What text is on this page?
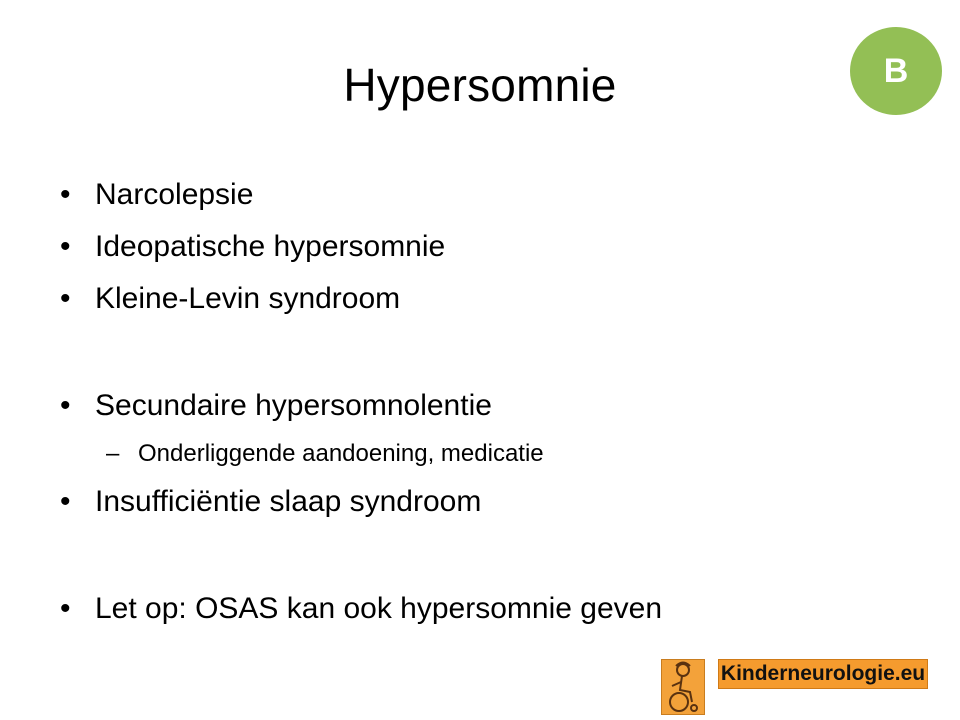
Hypersomnie	B
• Narcolepsie
• Ideopatische hypersomnie
• Kleine-Levin syndroom
• Secundaire hypersomnolentie
– Onderliggende aandoening, medicatie
• Insufficiëntie slaap syndroom
• Let op: OSAS kan ook hypersomnie geven
Kinderneurologie.eu
